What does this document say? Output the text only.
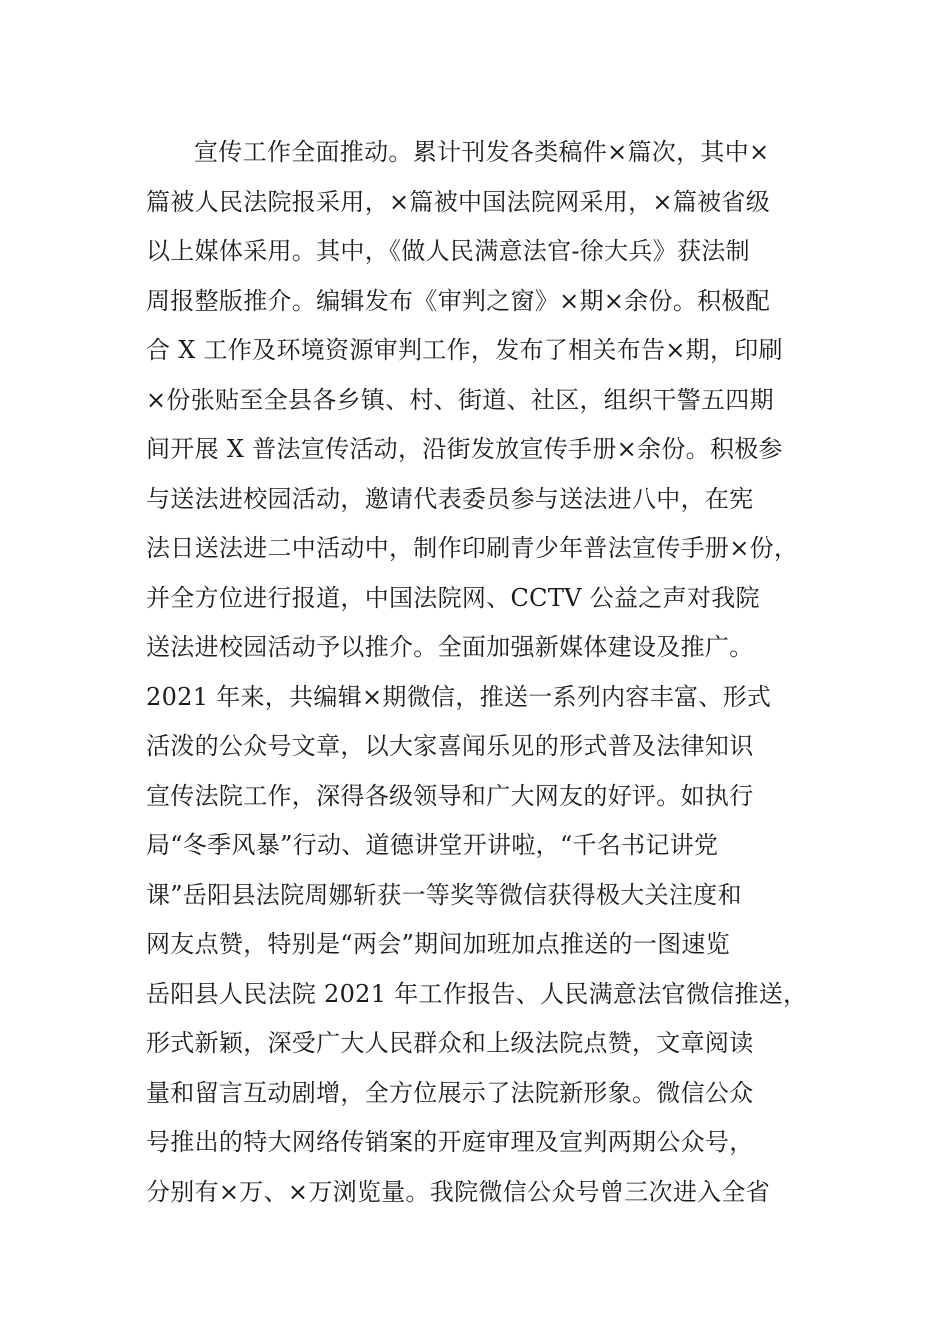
宣传工作全面推动。累计刊发各类稿件×篇次，其中×
篇被人民法院报采用，×篇被中国法院网采用，×篇被省级
以上媒体采用。其中，《做人民满意法官-徐大兵》获法制
周报整版推介。编辑发布《审判之窗》×期×余份。积极配
合 X 工作及环境资源审判工作，发布了相关布告×期，印刷
×份张贴至全县各乡镇、村、街道、社区，组织干警五四期
间开展 X 普法宣传活动，沿街发放宣传手册×余份。积极参
与送法进校园活动，邀请代表委员参与送法进八中，在宪
法日送法进二中活动中，制作印刷青少年普法宣传手册×份，
并全方位进行报道，中国法院网、CCTV 公益之声对我院
送法进校园活动予以推介。全面加强新媒体建设及推广。
2021 年来，共编辑×期微信，推送一系列内容丰富、形式
活泼的公众号文章，以大家喜闻乐见的形式普及法律知识
宣传法院工作，深得各级领导和广大网友的好评。如执行
局“冬季风暴”行动、道德讲堂开讲啦，“千名书记讲党
课”岳阳县法院周娜斩获一等奖等微信获得极大关注度和
网友点赞，特别是“两会”期间加班加点推送的一图速览
岳阳县人民法院 2021 年工作报告、人民满意法官微信推送，
形式新颖，深受广大人民群众和上级法院点赞，文章阅读
量和留言互动剧增，全方位展示了法院新形象。微信公众
号推出的特大网络传销案的开庭审理及宣判两期公众号，
分别有×万、×万浏览量。我院微信公众号曾三次进入全省
